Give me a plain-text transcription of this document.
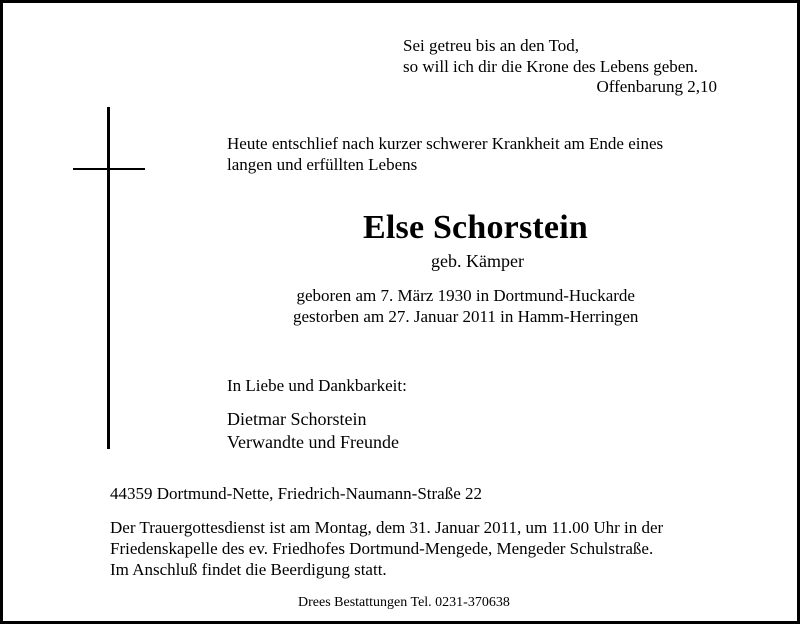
Sei getreu bis an den Tod,
so will ich dir die Krone des Lebens geben.
Offenbarung 2,10
Heute entschlief nach kurzer schwerer Krankheit am Ende eines
langen und erfüllten Lebens
Else Schorstein
geb. Kämper
geboren am 7. März 1930 in Dortmund-Huckarde
gestorben am 27. Januar 2011 in Hamm-Herringen
In Liebe und Dankbarkeit:
Dietmar Schorstein
Verwandte und Freunde
44359 Dortmund-Nette, Friedrich-Naumann-Straße 22
Der Trauergottesdienst ist am Montag, dem 31. Januar 2011, um 11.00 Uhr in der
Friedenskapelle des ev. Friedhofes Dortmund-Mengede, Mengeder Schulstraße.
Im Anschluß findet die Beerdigung statt.
Drees Bestattungen Tel. 0231-370638
